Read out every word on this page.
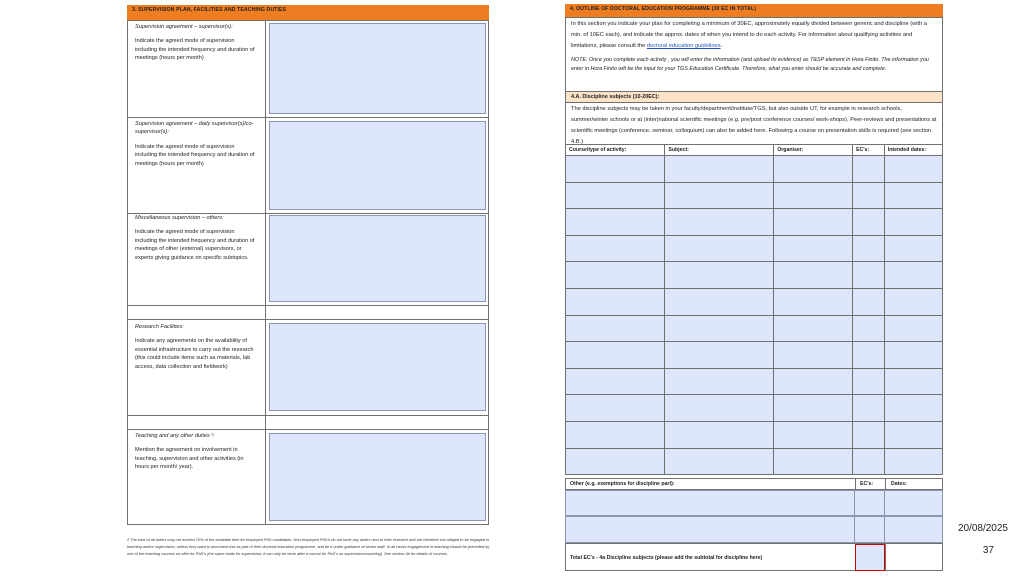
3. SUPERVISION PLAN, FACILITIES AND TEACHING DUTIES
Supervision agreement – supervisor(s):
Indicate the agreed mode of supervision including the intended frequency and duration of meetings (hours per month)
Supervision agreement – daily supervisor(s)/co-supervisor(s):
Indicate the agreed mode of supervision including the intended frequency and duration of meetings (hours per month)
Miscellaneous supervision – others:
Indicate the agreed mode of supervision including the intended frequency and duration of meetings of other (external) supervisors, or experts giving guidance on specific subtopics.
Research Facilities:
Indicate any agreements on the availability of essential infrastructure to carry out the research (this could include items such as materials, lab access, data collection and fieldwork)
Teaching and any other duties ²:
Mention the agreement on involvement in teaching, supervision and other activities (in hours per month/ year).
2 The total of all duties may not exceed 20% of the available time for employed PhD candidates. Non-employed PhD's do not have any duties next to their research and are therefore not obliged to be engaged in teaching and/or supervision, unless they want to document this as part of their doctoral education programme, and do it under guidance of senior staff. In all cases engagement in teaching should be preceded by one of the teaching courses on offer for PhD's (the same holds for supervision; it can only be done after a course for PhD's on supervision/coaching). See section 4b for details of courses.
4. OUTLINE OF DOCTORAL EDUCATION PROGRAMME (30 EC IN TOTAL)
In this section you indicate your plan for completing a minimum of 30EC, approximately equally divided between generic and discipline (with a min. of 10EC each), and indicate the approx. dates of when you intend to do each activity. For information about qualifying activities and limitations, please consult the doctoral education guidelines.
NOTE: Once you complete each activity , you will enter the information (and upload its evidence) as T&SP element in Hora Finito. The information you enter in Hora Finito will be the input for your TGS Education Certificate. Therefore, what you enter should be accurate and complete.
4.A. Discipline subjects (10-20EC):
The discipline subjects may be taken in your faculty/department/institute/TGS, but also outside UT, for example in research schools, summer/winter schools or at (inter)national scientific meetings (e.g. pre/post conference courses/ work-shops). Peer-reviews and presentations at scientific meetings (conference, seminar, colloquium) can also be added here. Following a course on presentation skills is required (see section 4.B.)
Course/type of activity:	Subject:	Organiser:	EC's:	Intended dates:

Other (e.g. exemptions for discipline part):	EC's:	Dates:
Total EC's - 4a Discipline subjects (please add the subtotal for discipline here)
20/08/2025
37
